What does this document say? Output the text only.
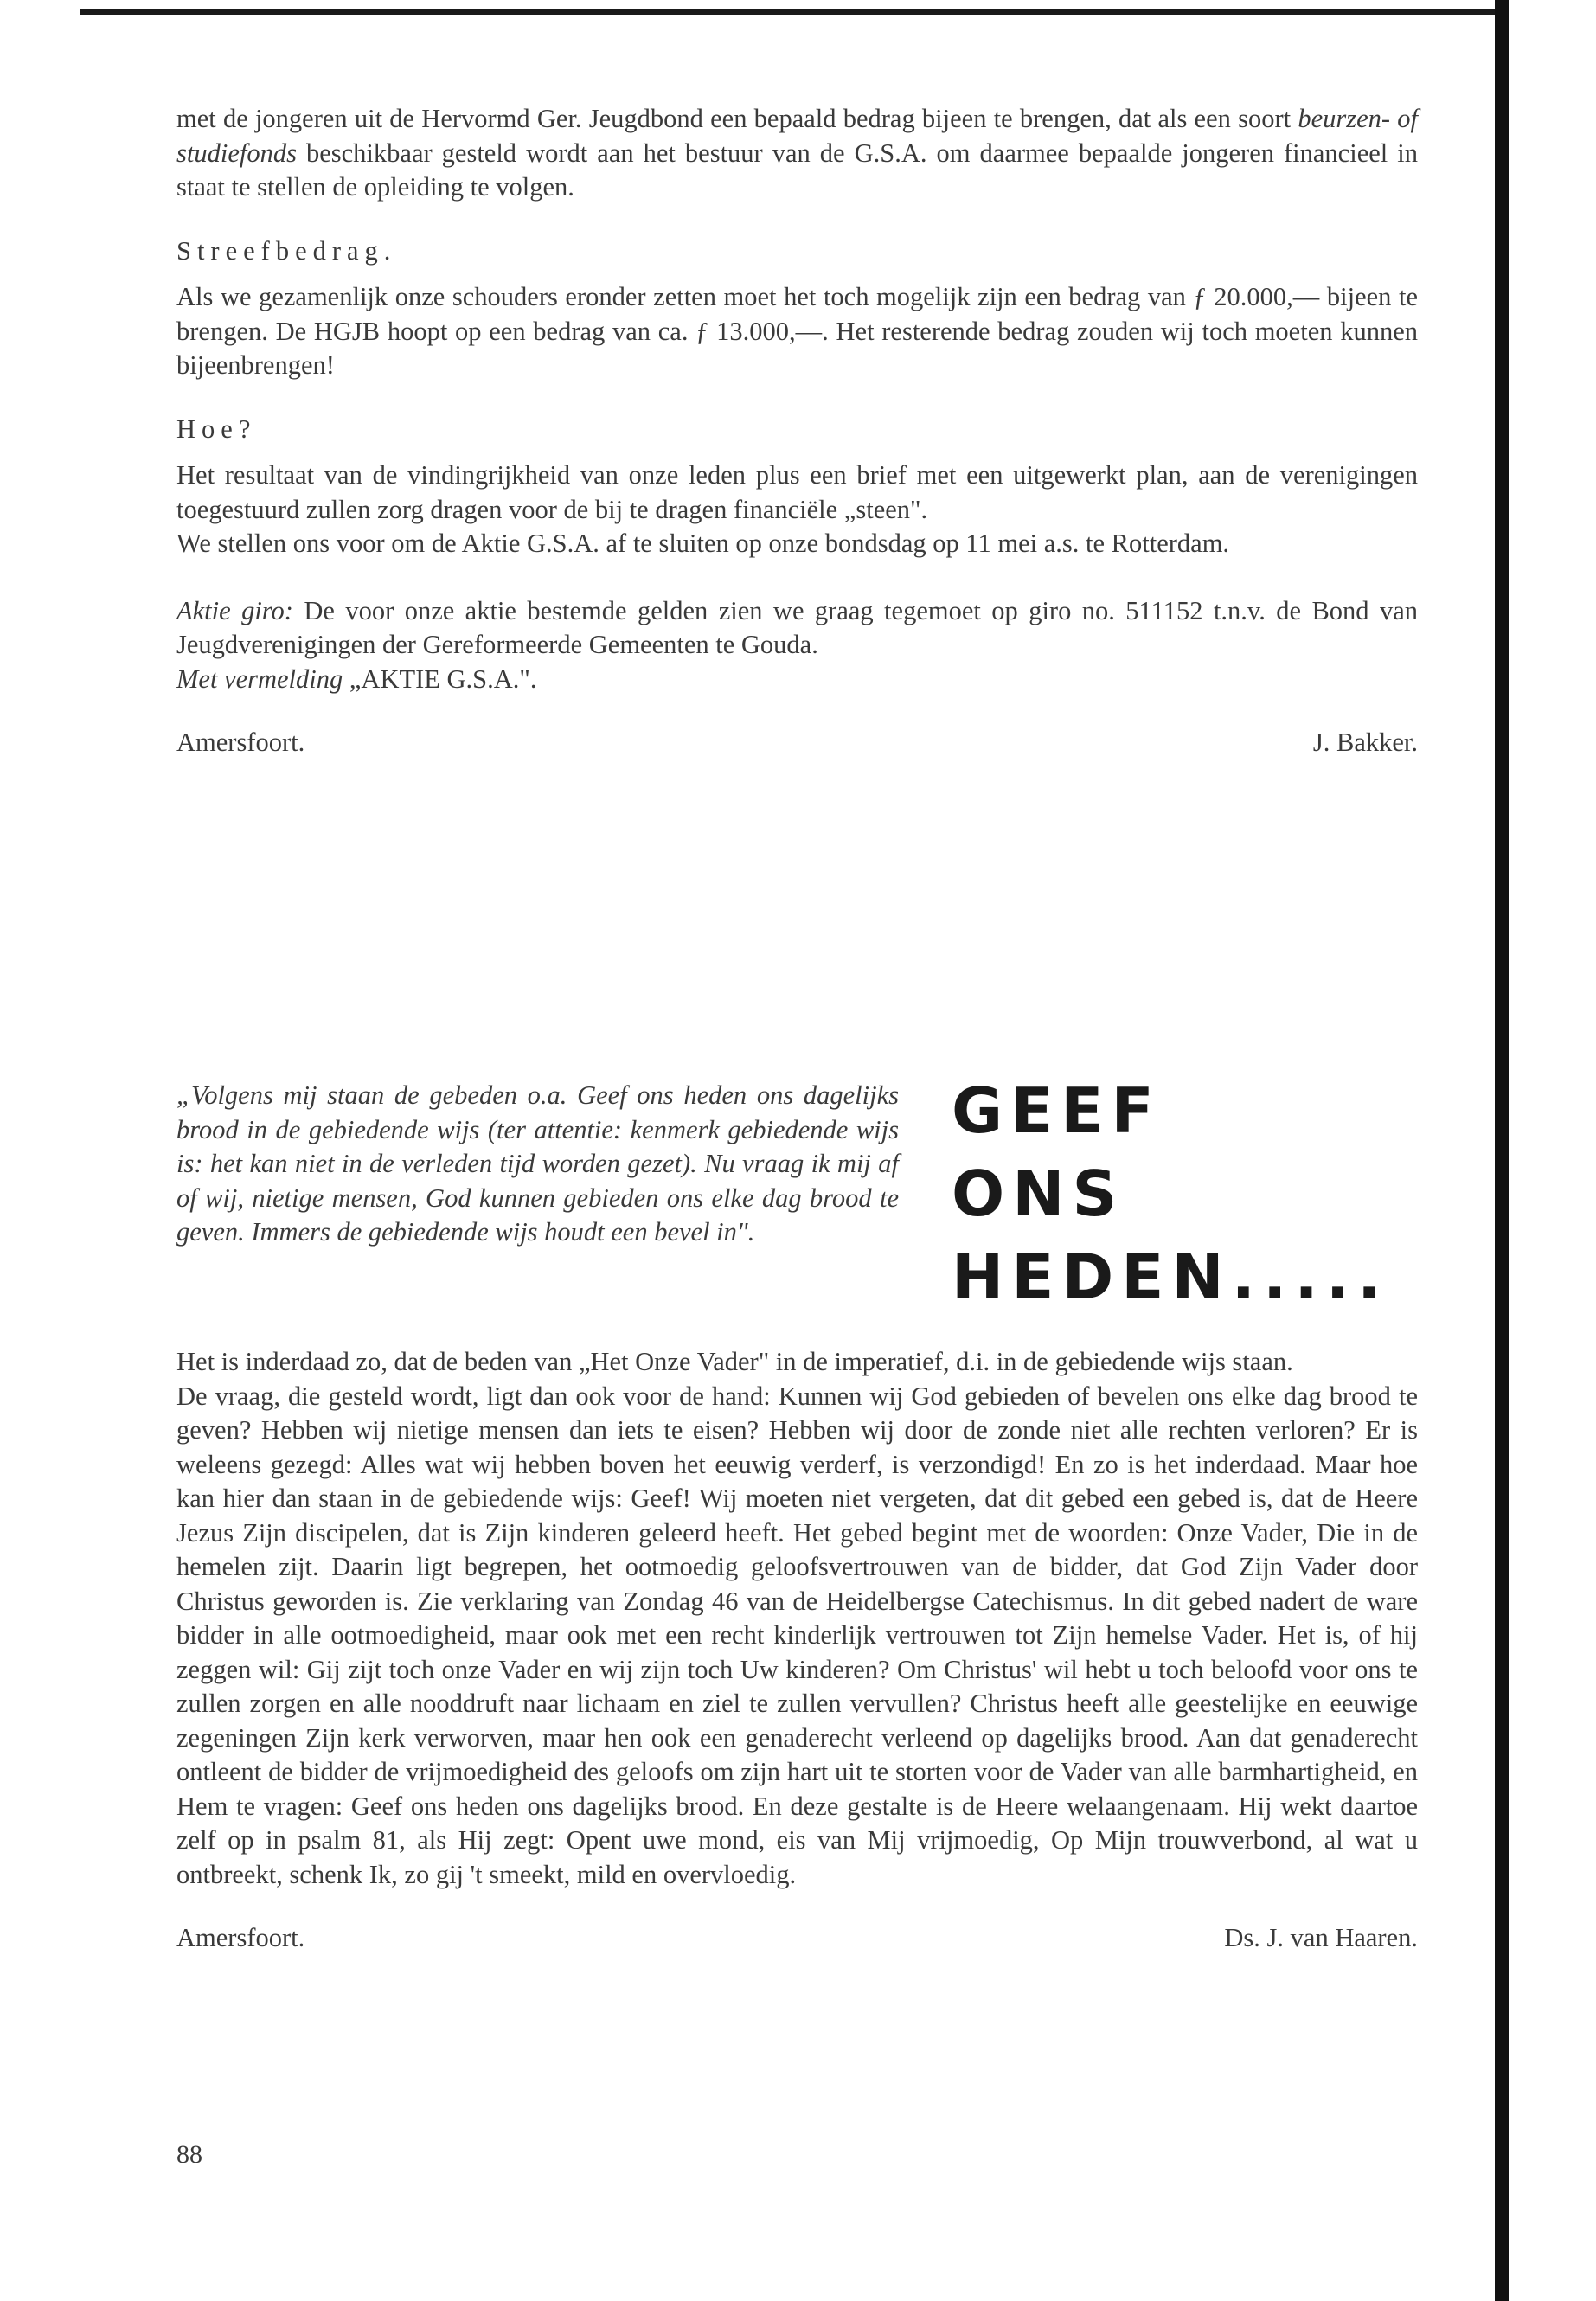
met de jongeren uit de Hervormd Ger. Jeugdbond een bepaald bedrag bijeen te brengen, dat als een soort beurzen- of studiefonds beschikbaar gesteld wordt aan het bestuur van de G.S.A. om daarmee bepaalde jongeren financieel in staat te stellen de opleiding te volgen.

Streefbedrag.

Als we gezamenlijk onze schouders eronder zetten moet het toch mogelijk zijn een bedrag van ƒ 20.000,— bijeen te brengen. De HGJB hoopt op een bedrag van ca. ƒ 13.000,—. Het resterende bedrag zouden wij toch moeten kunnen bijeenbrengen!

Hoe?

Het resultaat van de vindingrijkheid van onze leden plus een brief met een uitgewerkt plan, aan de verenigingen toegestuurd zullen zorg dragen voor de bij te dragen financiële „steen".

We stellen ons voor om de Aktie G.S.A. af te sluiten op onze bondsdag op 11 mei a.s. te Rotterdam.

Aktie giro: De voor onze aktie bestemde gelden zien we graag tegemoet op giro no. 511152 t.n.v. de Bond van Jeugdverenigingen der Gereformeerde Gemeenten te Gouda.

Met vermelding „AKTIE G.S.A.".

Amersfoort.	J. Bakker.

„Volgens mij staan de gebeden o.a. Geef ons heden ons dagelijks brood in de gebiedende wijs (ter attentie: kenmerk gebiedende wijs is: het kan niet in de verleden tijd worden gezet). Nu vraag ik mij af of wij, nietige mensen, God kunnen gebieden ons elke dag brood te geven. Immers de gebiedende wijs houdt een bevel in".

GEEF
ONS
HEDEN.....

Het is inderdaad zo, dat de beden van „Het Onze Vader" in de imperatief, d.i. in de gebiedende wijs staan.

De vraag, die gesteld wordt, ligt dan ook voor de hand: Kunnen wij God gebieden of bevelen ons elke dag brood te geven? Hebben wij nietige mensen dan iets te eisen? Hebben wij door de zonde niet alle rechten verloren? Er is weleens gezegd: Alles wat wij hebben boven het eeuwig verderf, is verzondigd! En zo is het inderdaad. Maar hoe kan hier dan staan in de gebiedende wijs: Geef! Wij moeten niet vergeten, dat dit gebed een gebed is, dat de Heere Jezus Zijn discipelen, dat is Zijn kinderen geleerd heeft. Het gebed begint met de woorden: Onze Vader, Die in de hemelen zijt. Daarin ligt begrepen, het ootmoedig geloofsvertrouwen van de bidder, dat God Zijn Vader door Christus geworden is. Zie verklaring van Zondag 46 van de Heidelbergse Catechismus. In dit gebed nadert de ware bidder in alle ootmoedigheid, maar ook met een recht kinderlijk vertrouwen tot Zijn hemelse Vader. Het is, of hij zeggen wil: Gij zijt toch onze Vader en wij zijn toch Uw kinderen? Om Christus' wil hebt u toch beloofd voor ons te zullen zorgen en alle nooddruft naar lichaam en ziel te zullen vervullen? Christus heeft alle geestelijke en eeuwige zegeningen Zijn kerk verworven, maar hen ook een genaderecht verleend op dagelijks brood. Aan dat genaderecht ontleent de bidder de vrijmoedigheid des geloofs om zijn hart uit te storten voor de Vader van alle barmhartigheid, en Hem te vragen: Geef ons heden ons dagelijks brood. En deze gestalte is de Heere welaangenaam. Hij wekt daartoe zelf op in psalm 81, als Hij zegt: Opent uwe mond, eis van Mij vrijmoedig, Op Mijn trouwverbond, al wat u ontbreekt, schenk Ik, zo gij 't smeekt, mild en overvloedig.

Amersfoort.	Ds. J. van Haaren.
88
